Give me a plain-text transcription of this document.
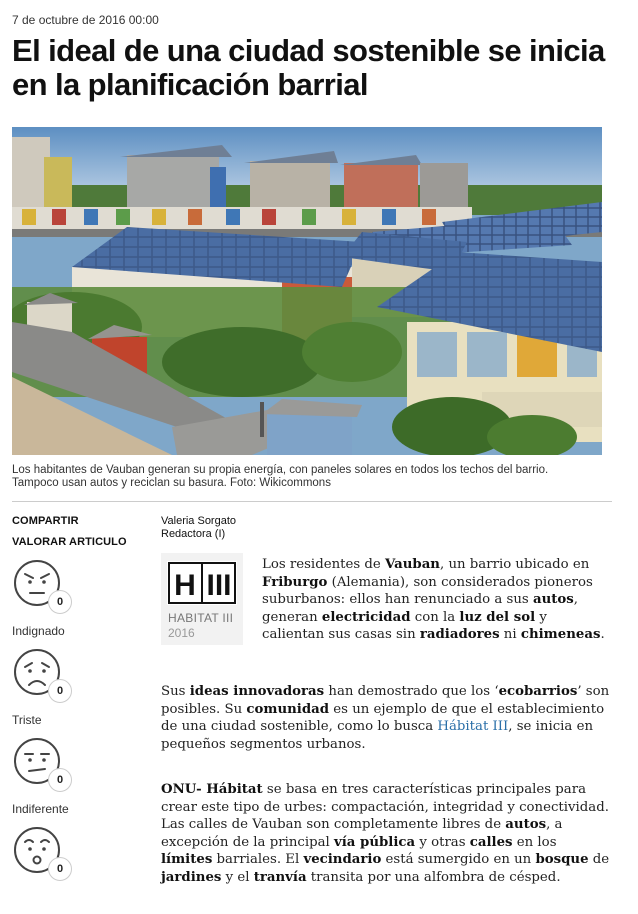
7 de octubre de 2016 00:00
El ideal de una ciudad sostenible se inicia en la planificación barrial
Los habitantes de Vauban generan su propia energía, con paneles solares en todos los techos del barrio.
Tampoco usan autos y reciclan su basura. Foto: Wikicommons
COMPARTIR
VALORAR ARTICULO
0
Indignado
0
Triste
0
Indiferente
0
Valeria Sorgato
Redactora (I)
H III
HABITAT III
2016

Los residentes de Vauban, un barrio ubicado en Friburgo (Alemania), son considerados pioneros suburbanos: ellos han renunciado a sus autos, generan electricidad con la luz del sol y calientan sus casas sin radiadores ni chimeneas.

Sus ideas innovadoras han demostrado que los ‘ecobarrios’ son posibles. Su comunidad es un ejemplo de que el establecimiento de una ciudad sostenible, como lo busca Hábitat III, se inicia en pequeños segmentos urbanos.

ONU- Hábitat se basa en tres características principales para crear este tipo de urbes: compactación, integridad y conectividad. Las calles de Vauban son completamente libres de autos, a excepción de la principal vía pública y otras calles en los límites barriales. El vecindario está sumergido en un bosque de jardines y el tranvía transita por una alfombra de césped.
